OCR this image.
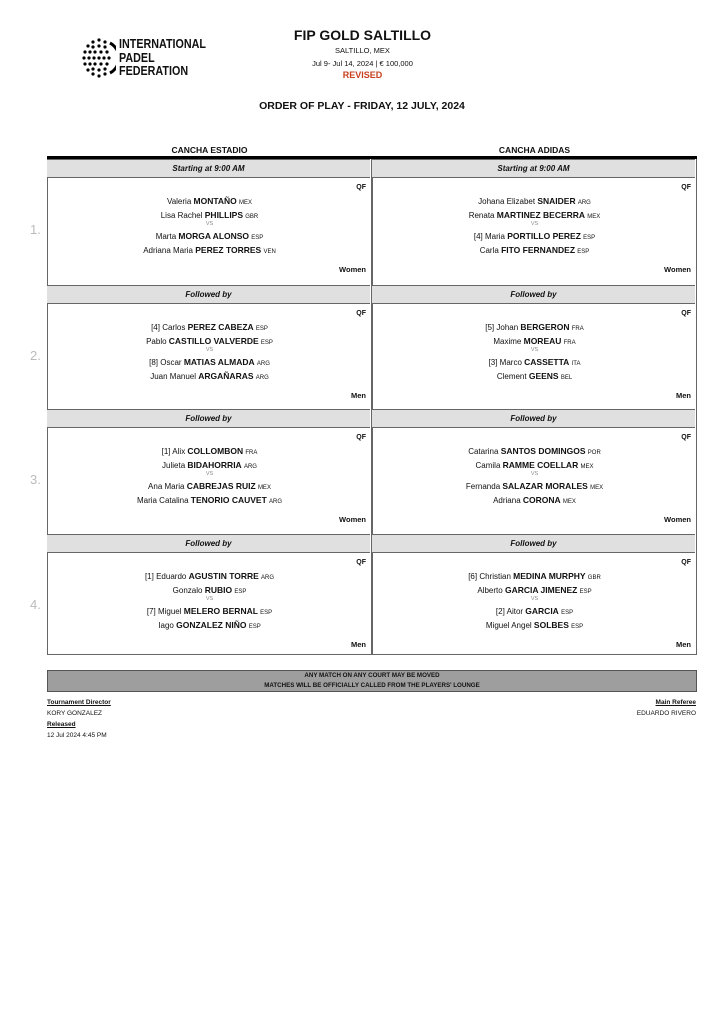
INTERNATIONAL
PADEL
FEDERATION
FIP GOLD SALTILLO
SALTILLO, MEX
Jul 9- Jul 14, 2024 | € 100,000
REVISED
ORDER OF PLAY - FRIDAY, 12 JULY, 2024
CANCHA ESTADIO	CANCHA ADIDAS
1.
Starting at 9:00 AM
QF
Women
Valeria MONTAÑO MEX
Lisa Rachel PHILLIPS GBR
Marta MORGA ALONSO ESP
Adriana Maria PEREZ TORRES VEN
VS
Starting at 9:00 AM
QF
Women
Johana Elizabet SNAIDER ARG
Renata MARTINEZ BECERRA MEX
[4] Maria PORTILLO PEREZ ESP
Carla FITO FERNANDEZ ESP
VS
2.
Followed by
QF
Men
[4] Carlos PEREZ CABEZA ESP
Pablo CASTILLO VALVERDE ESP
[8] Oscar MATIAS ALMADA ARG
Juan Manuel ARGAÑARAS ARG
VS
Followed by
QF
Men
[5] Johan BERGERON FRA
Maxime MOREAU FRA
[3] Marco CASSETTA ITA
Clement GEENS BEL
VS
3.
Followed by
QF
Women
[1] Alix COLLOMBON FRA
Julieta BIDAHORRIA ARG
Ana Maria CABREJAS RUIZ MEX
Maria Catalina TENORIO CAUVET ARG
VS
Followed by
QF
Women
Catarina SANTOS DOMINGOS POR
Camila RAMME COELLAR MEX
Fernanda SALAZAR MORALES MEX
Adriana CORONA MEX
VS
4.
Followed by
QF
Men
[1] Eduardo AGUSTIN TORRE ARG
Gonzalo RUBIO ESP
[7] Miguel MELERO BERNAL ESP
Iago GONZALEZ NIÑO ESP
VS
Followed by
QF
Men
[6] Christian MEDINA MURPHY GBR
Alberto GARCIA JIMENEZ ESP
[2] Aitor GARCIA ESP
Miguel Angel SOLBES ESP
VS
ANY MATCH ON ANY COURT MAY BE MOVED
MATCHES WILL BE OFFICIALLY CALLED FROM THE PLAYERS' LOUNGE
Tournament Director
KORY GONZALEZ
Released
12 Jul 2024 4:45 PM
Main Referee
EDUARDO RIVERO
